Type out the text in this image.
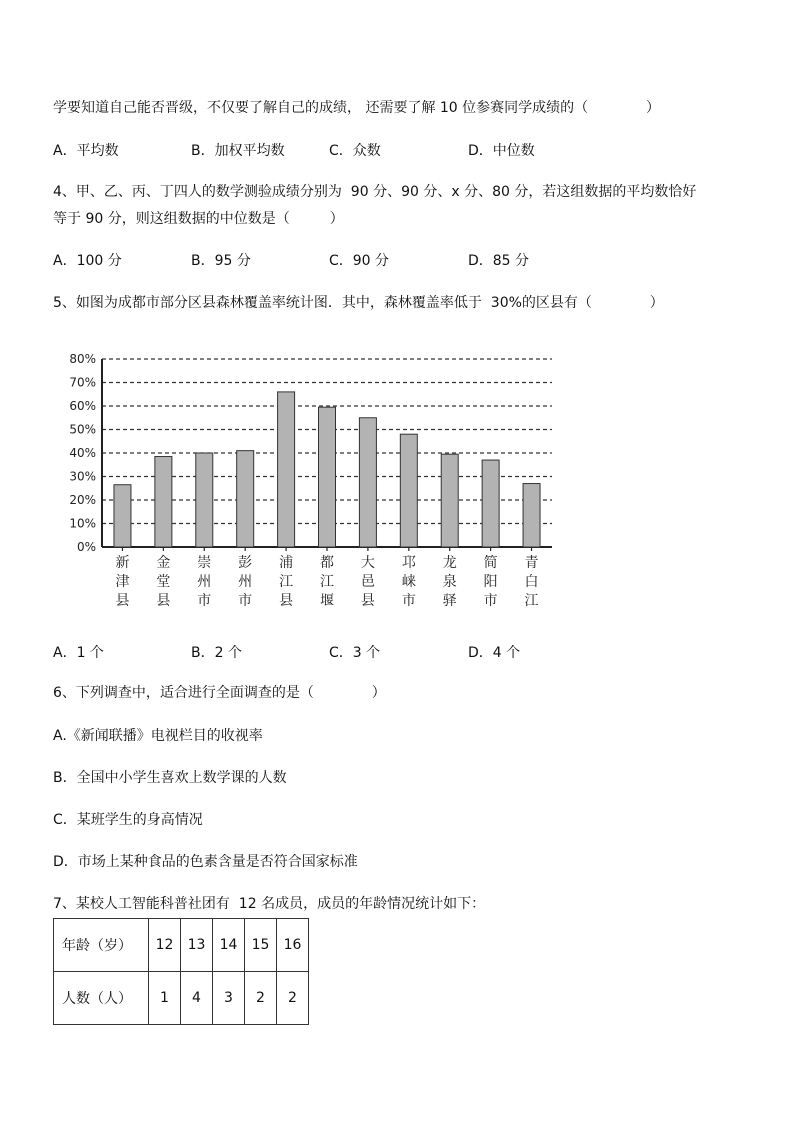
学要知道自己能否晋级，不仅要了解自己的成绩， 还需要了解 10 位参赛同学成绩的（             ）
A．平均数	B．加权平均数	C．众数	D．中位数
4、甲、乙、丙、丁四人的数学测验成绩分别为  90 分、90 分、x 分、80 分，若这组数据的平均数恰好
等于 90 分，则这组数据的中位数是（         ）
A．100 分	B．95 分	C．90 分	D．85 分
5、如图为成都市部分区县森林覆盖率统计图．其中，森林覆盖率低于  30%的区县有（             ）
0%
10%
20%
30%
40%
50%
60%
70%
80%
新津县
金堂县
崇州市
彭州市
浦江县
都江堰
大邑县
邛崃市
龙泉驿
简阳市
青白江
A．1 个	B．2 个	C．3 个	D．4 个
6、下列调查中，适合进行全面调查的是（             ）
A.《新闻联播》电视栏目的收视率
B．全国中小学生喜欢上数学课的人数
C．某班学生的身高情况
D．市场上某种食品的色素含量是否符合国家标准
7、某校人工智能科普社团有  12 名成员，成员的年龄情况统计如下：
年龄（岁）	12	13	14	15	16
人数（人）	1	4	3	2	2
